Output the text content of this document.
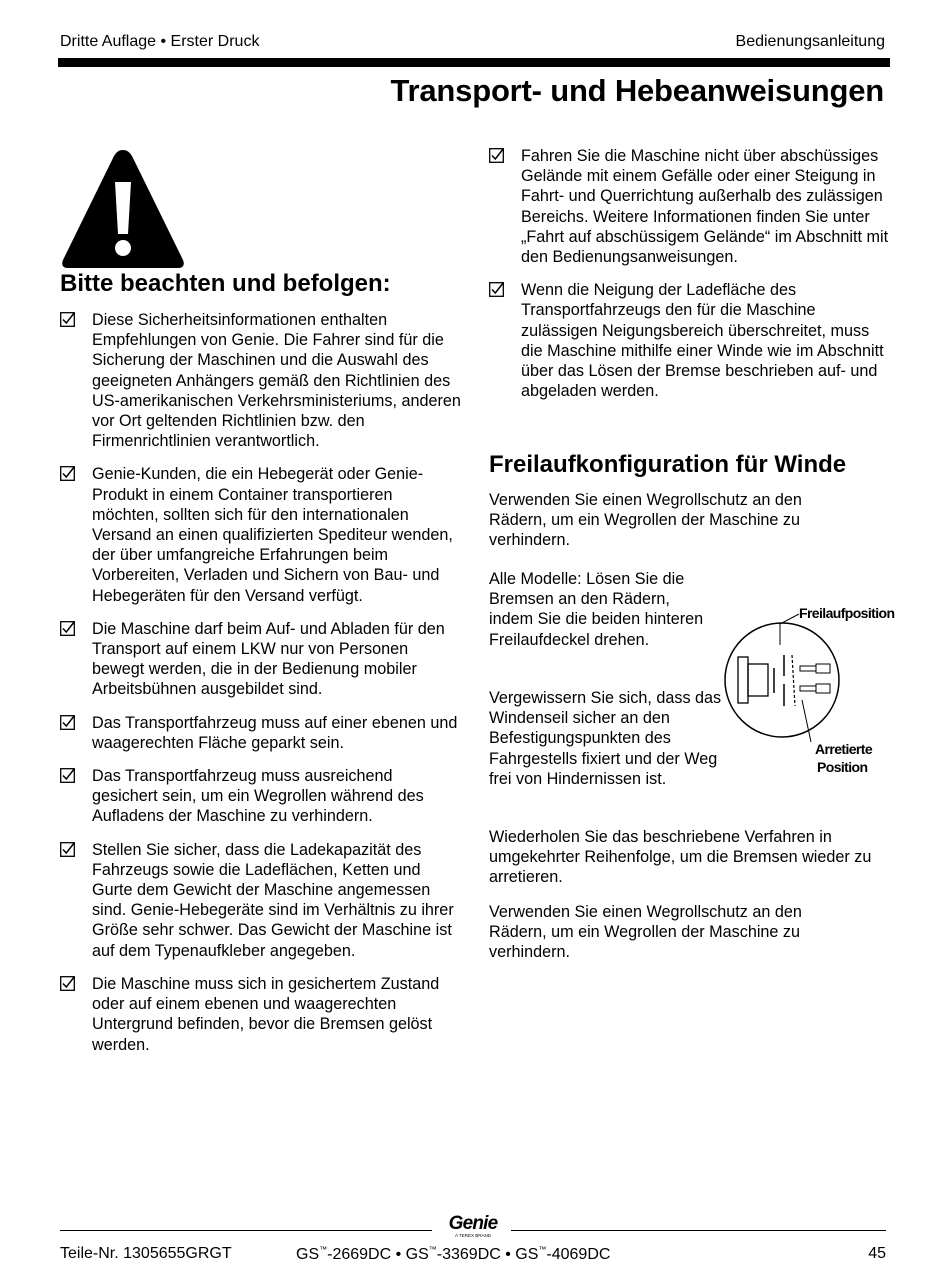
Dritte Auflage • Erster Druck	Bedienungsanleitung
Transport- und Hebeanweisungen
Bitte beachten und befolgen:
Diese Sicherheitsinformationen enthalten Empfehlungen von Genie. Die Fahrer sind für die Sicherung der Maschinen und die Auswahl des geeigneten Anhängers gemäß den Richtlinien des US-amerikanischen Verkehrsministeriums, anderen vor Ort geltenden Richtlinien bzw. den Firmenrichtlinien verantwortlich.
Genie-Kunden, die ein Hebegerät oder Genie-Produkt in einem Container transportieren möchten, sollten sich für den internationalen Versand an einen qualifizierten Spediteur wenden, der über umfangreiche Erfahrungen beim Vorbereiten, Verladen und Sichern von Bau- und Hebegeräten für den Versand verfügt.
Die Maschine darf beim Auf- und Abladen für den Transport auf einem LKW nur von Personen bewegt werden, die in der Bedienung mobiler Arbeitsbühnen ausgebildet sind.
Das Transportfahrzeug muss auf einer ebenen und waagerechten Fläche geparkt sein.
Das Transportfahrzeug muss ausreichend gesichert sein, um ein Wegrollen während des Aufladens der Maschine zu verhindern.
Stellen Sie sicher, dass die Ladekapazität des Fahrzeugs sowie die Ladeflächen, Ketten und Gurte dem Gewicht der Maschine angemessen sind. Genie-Hebegeräte sind im Verhältnis zu ihrer Größe sehr schwer. Das Gewicht der Maschine ist auf dem Typenaufkleber angegeben.
Die Maschine muss sich in gesichertem Zustand oder auf einem ebenen und waagerechten Untergrund befinden, bevor die Bremsen gelöst werden.
Fahren Sie die Maschine nicht über abschüssiges Gelände mit einem Gefälle oder einer Steigung in Fahrt- und Querrichtung außerhalb des zulässigen Bereichs. Weitere Informationen finden Sie unter „Fahrt auf abschüssigem Gelände“ im Abschnitt mit den Bedienungsanweisungen.
Wenn die Neigung der Ladefläche des Transportfahrzeugs den für die Maschine zulässigen Neigungsbereich überschreitet, muss die Maschine mithilfe einer Winde wie im Abschnitt über das Lösen der Bremse beschrieben auf- und abgeladen werden.
Freilaufkonfiguration für Winde

Verwenden Sie einen Wegrollschutz an den Rädern, um ein Wegrollen der Maschine zu verhindern.

Alle Modelle: Lösen Sie die Bremsen an den Rädern, indem Sie die beiden hinteren Freilaufdeckel drehen.

Vergewissern Sie sich, dass das Windenseil sicher an den Befestigungspunkten des Fahrgestells fixiert und der Weg frei von Hindernissen ist.

Wiederholen Sie das beschriebene Verfahren in umgekehrter Reihenfolge, um die Bremsen wieder zu arretieren.

Verwenden Sie einen Wegrollschutz an den Rädern, um ein Wegrollen der Maschine zu verhindern.

Freilaufposition
Arretierte
Position
Genie
A TEREX BRAND
Teile-Nr. 1305655GRGT	GS™-2669DC • GS™-3369DC • GS™-4069DC	45
